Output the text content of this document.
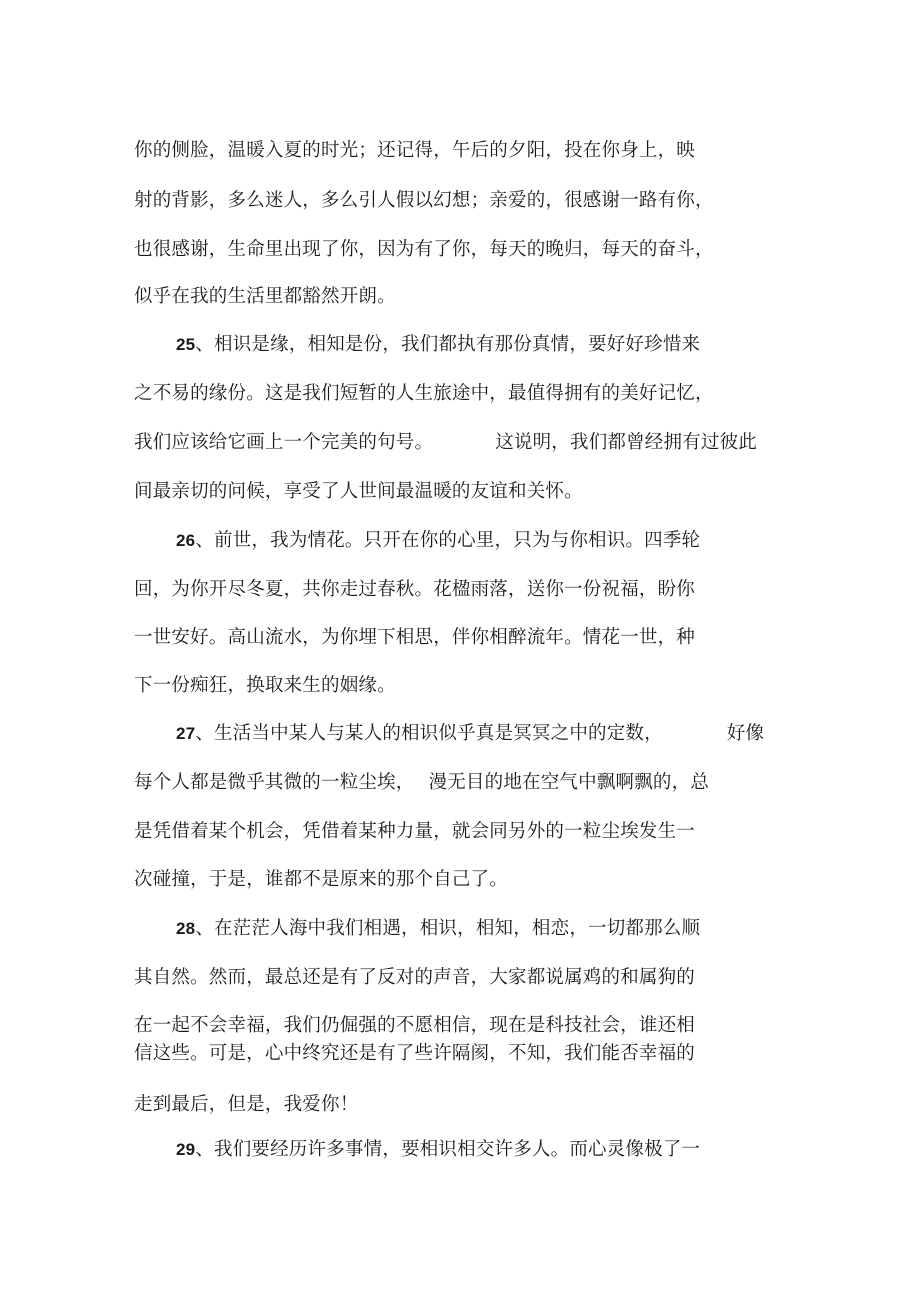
你的侧脸，温暖入夏的时光；还记得，午后的夕阳，投在你身上，映
射的背影，多么迷人，多么引人假以幻想；亲爱的，很感谢一路有你，
也很感谢，生命里出现了你，因为有了你，每天的晚归，每天的奋斗，
似乎在我的生活里都豁然开朗。
25、相识是缘，相知是份，我们都执有那份真情，要好好珍惜来
之不易的缘份。这是我们短暂的人生旅途中，最值得拥有的美好记忆，
我们应该给它画上一个完美的句号。	这说明，我们都曾经拥有过彼此
间最亲切的问候，享受了人世间最温暖的友谊和关怀。
26、前世，我为情花。只开在你的心里，只为与你相识。四季轮
回，为你开尽冬夏，共你走过春秋。花楹雨落，送你一份祝福，盼你
一世安好。高山流水，为你埋下相思，伴你相醉流年。情花一世，种
下一份痴狂，换取来生的姻缘。
27、生活当中某人与某人的相识似乎真是冥冥之中的定数，	好像
每个人都是微乎其微的一粒尘埃， 漫无目的地在空气中飘啊飘的，总
是凭借着某个机会，凭借着某种力量，就会同另外的一粒尘埃发生一
次碰撞，于是，谁都不是原来的那个自己了。
28、在茫茫人海中我们相遇，相识，相知，相恋，一切都那么顺
其自然。然而，最总还是有了反对的声音，大家都说属鸡的和属狗的
在一起不会幸福，我们仍倔强的不愿相信，现在是科技社会，谁还相
信这些。可是，心中终究还是有了些许隔阂，不知，我们能否幸福的
走到最后，但是，我爱你！
29、我们要经历许多事情，要相识相交许多人。而心灵像极了一
